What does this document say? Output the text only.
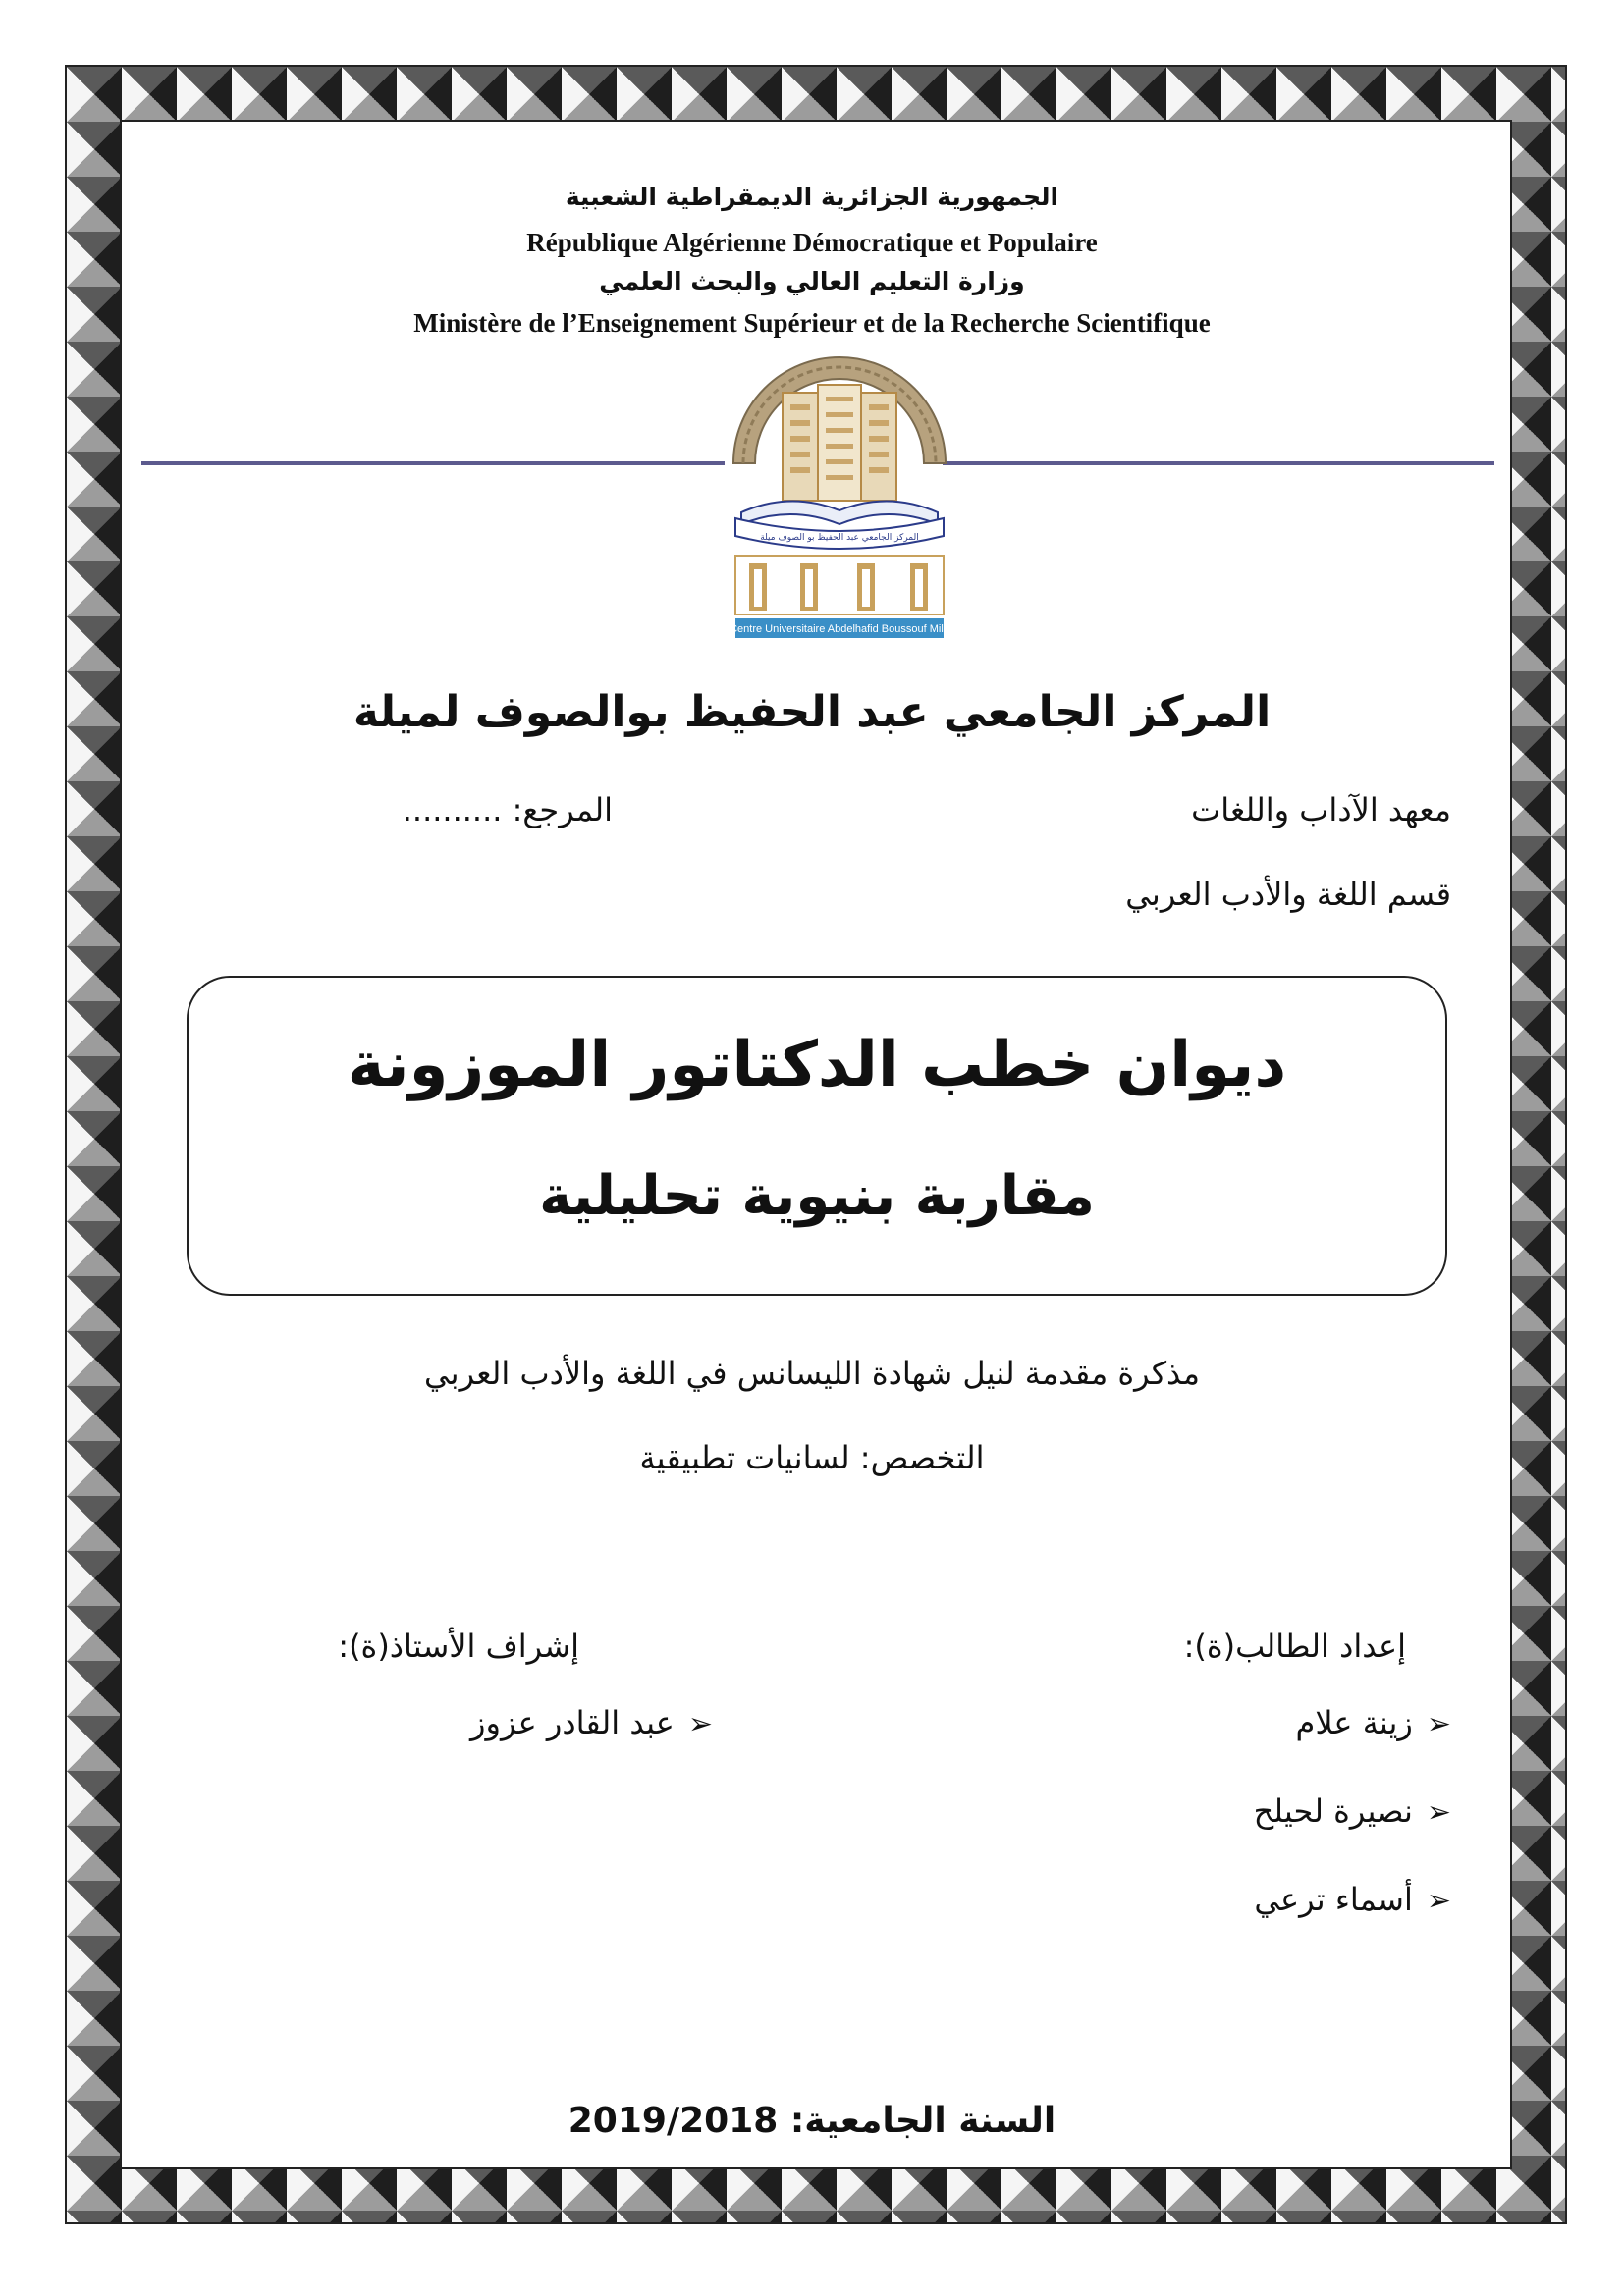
الجمهورية الجزائرية الديمقراطية الشعبية
République Algérienne Démocratique et Populaire
وزارة التعليم العالي والبحث العلمي
Ministère de l’Enseignement Supérieur et de la Recherche Scientifique
المركز الجامعي عبد الحفيظ بو الصوف ميلة
Centre Universitaire Abdelhafid Boussouf Mila
المركز الجامعي عبد الحفيظ بوالصوف لميلة
معهد الآداب واللغات
المرجع: ..........
قسم اللغة والأدب العربي
ديوان خطب الدكتاتور الموزونة
مقاربة بنيوية تحليلية
مذكرة مقدمة لنيل شهادة الليسانس في اللغة والأدب العربي
التخصص: لسانيات تطبيقية
إعداد الطالب(ة):
➢زينة علام
➢نصيرة لحيلح
➢أسماء ترعي
إشراف الأستاذ(ة):
➢عبد القادر عزوز
السنة الجامعية: 2019/2018
